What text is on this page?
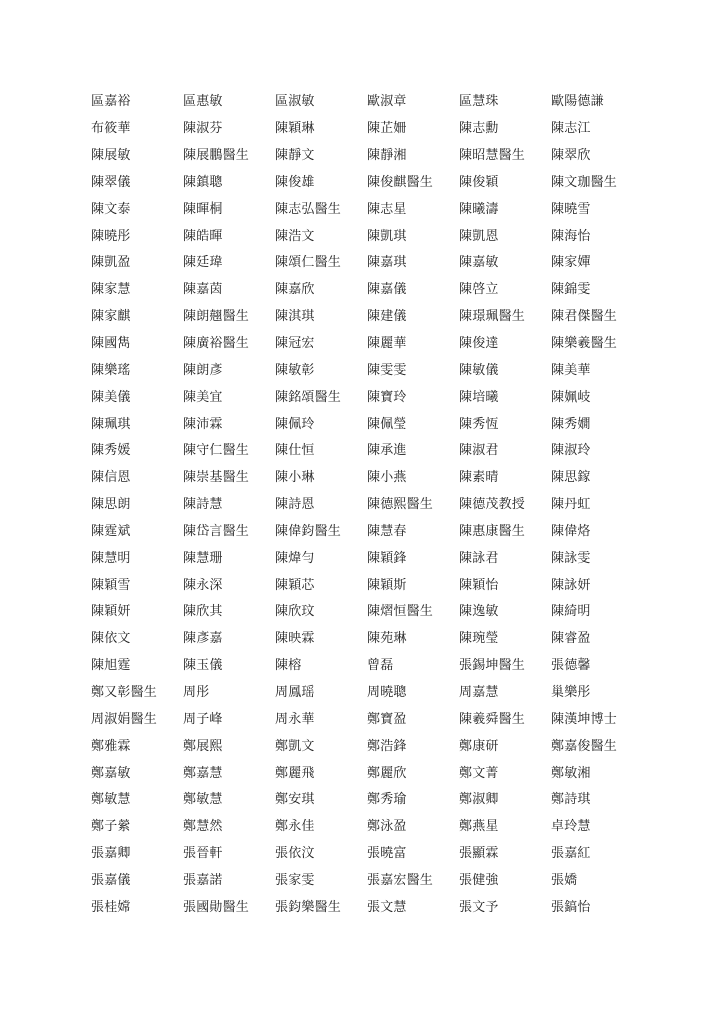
區嘉裕	區惠敏	區淑敏	歐淑章	區慧珠	歐陽德謙
布筱華	陳淑芬	陳穎琳	陳芷姍	陳志勳	陳志江
陳展敏	陳展鵬醫生	陳靜文	陳靜湘	陳昭慧醫生	陳翠欣
陳翠儀	陳鎮聰	陳俊雄	陳俊麒醫生	陳俊穎	陳文珈醫生
陳文泰	陳暉桐	陳志弘醫生	陳志星	陳曦濤	陳曉雪
陳曉彤	陳皓暉	陳浩文	陳凱琪	陳凱恩	陳海怡
陳凱盈	陳廷瑋	陳頌仁醫生	陳嘉琪	陳嘉敏	陳家嬋
陳家慧	陳嘉茵	陳嘉欣	陳嘉儀	陳啓立	陳錦雯
陳家麒	陳朗翹醫生	陳淇琪	陳建儀	陳璟珮醫生	陳君傑醫生
陳國雋	陳廣裕醫生	陳冠宏	陳麗華	陳俊達	陳樂羲醫生
陳樂瑤	陳朗彥	陳敏彰	陳雯雯	陳敏儀	陳美華
陳美儀	陳美宜	陳銘頌醫生	陳寶玲	陳培曦	陳姵岐
陳珮琪	陳沛霖	陳佩玲	陳佩瑩	陳秀恆	陳秀嫺
陳秀媛	陳守仁醫生	陳仕恒	陳承進	陳淑君	陳淑玲
陳信恩	陳崇基醫生	陳小琳	陳小燕	陳素晴	陳思鎵
陳思朗	陳詩慧	陳詩恩	陳德熙醫生	陳德茂教授	陳丹虹
陳霆斌	陳岱言醫生	陳偉鈞醫生	陳慧春	陳惠康醫生	陳偉烙
陳慧明	陳慧珊	陳煒勻	陳穎鋒	陳詠君	陳詠雯
陳穎雪	陳永深	陳穎芯	陳穎斯	陳穎怡	陳詠妍
陳穎妍	陳欣其	陳欣玟	陳熠恒醫生	陳逸敏	陳綺明
陳依文	陳彥嘉	陳映霖	陳苑琳	陳琬瑩	陳睿盈
陳旭霆	陳玉儀	陳榕	曾磊	張錫坤醫生	張德馨
鄭又彰醫生	周彤	周鳳瑶	周曉聰	周嘉慧	巢樂彤
周淑娟醫生	周子峰	周永華	鄭寶盈	陳羲舜醫生	陳漢坤博士
鄭雅霖	鄭展熙	鄭凱文	鄭浩鋒	鄭康研	鄭嘉俊醫生
鄭嘉敏	鄭嘉慧	鄭麗飛	鄭麗欣	鄭文菁	鄭敏湘
鄭敏慧	鄭敏慧	鄭安琪	鄭秀瑜	鄭淑卿	鄭詩琪
鄭子縈	鄭慧然	鄭永佳	鄭泳盈	鄭燕星	卓玲慧
張嘉卿	張晉軒	張依汶	張曉富	張顯霖	張嘉紅
張嘉儀	張嘉諾	張家雯	張嘉宏醫生	張健強	張嬌
張桂嫦	張國勛醫生	張鈞樂醫生	張文慧	張文予	張鎬怡
